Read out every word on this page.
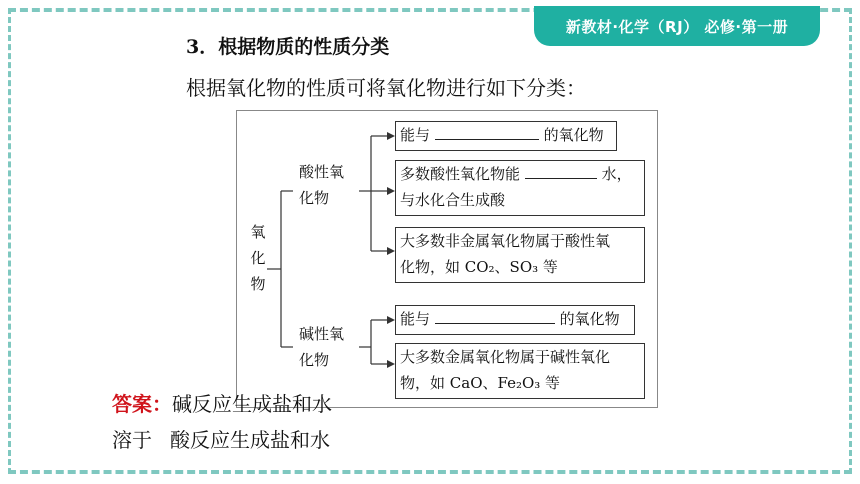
新教材·化学（RJ） 必修·第一册
3．根据物质的性质分类
根据氧化物的性质可将氧化物进行如下分类：
氧
化
物
酸性氧
化物
能与	的氧化物
多数酸性氧化物能	水，
与水化合生成酸
大多数非金属氧化物属于酸性氧
化物，如 CO₂、SO₃ 等
碱性氧
化物
能与	的氧化物
大多数金属氧化物属于碱性氧化
物，如 CaO、Fe₂O₃ 等
答案：碱反应生成盐和水
溶于 酸反应生成盐和水
